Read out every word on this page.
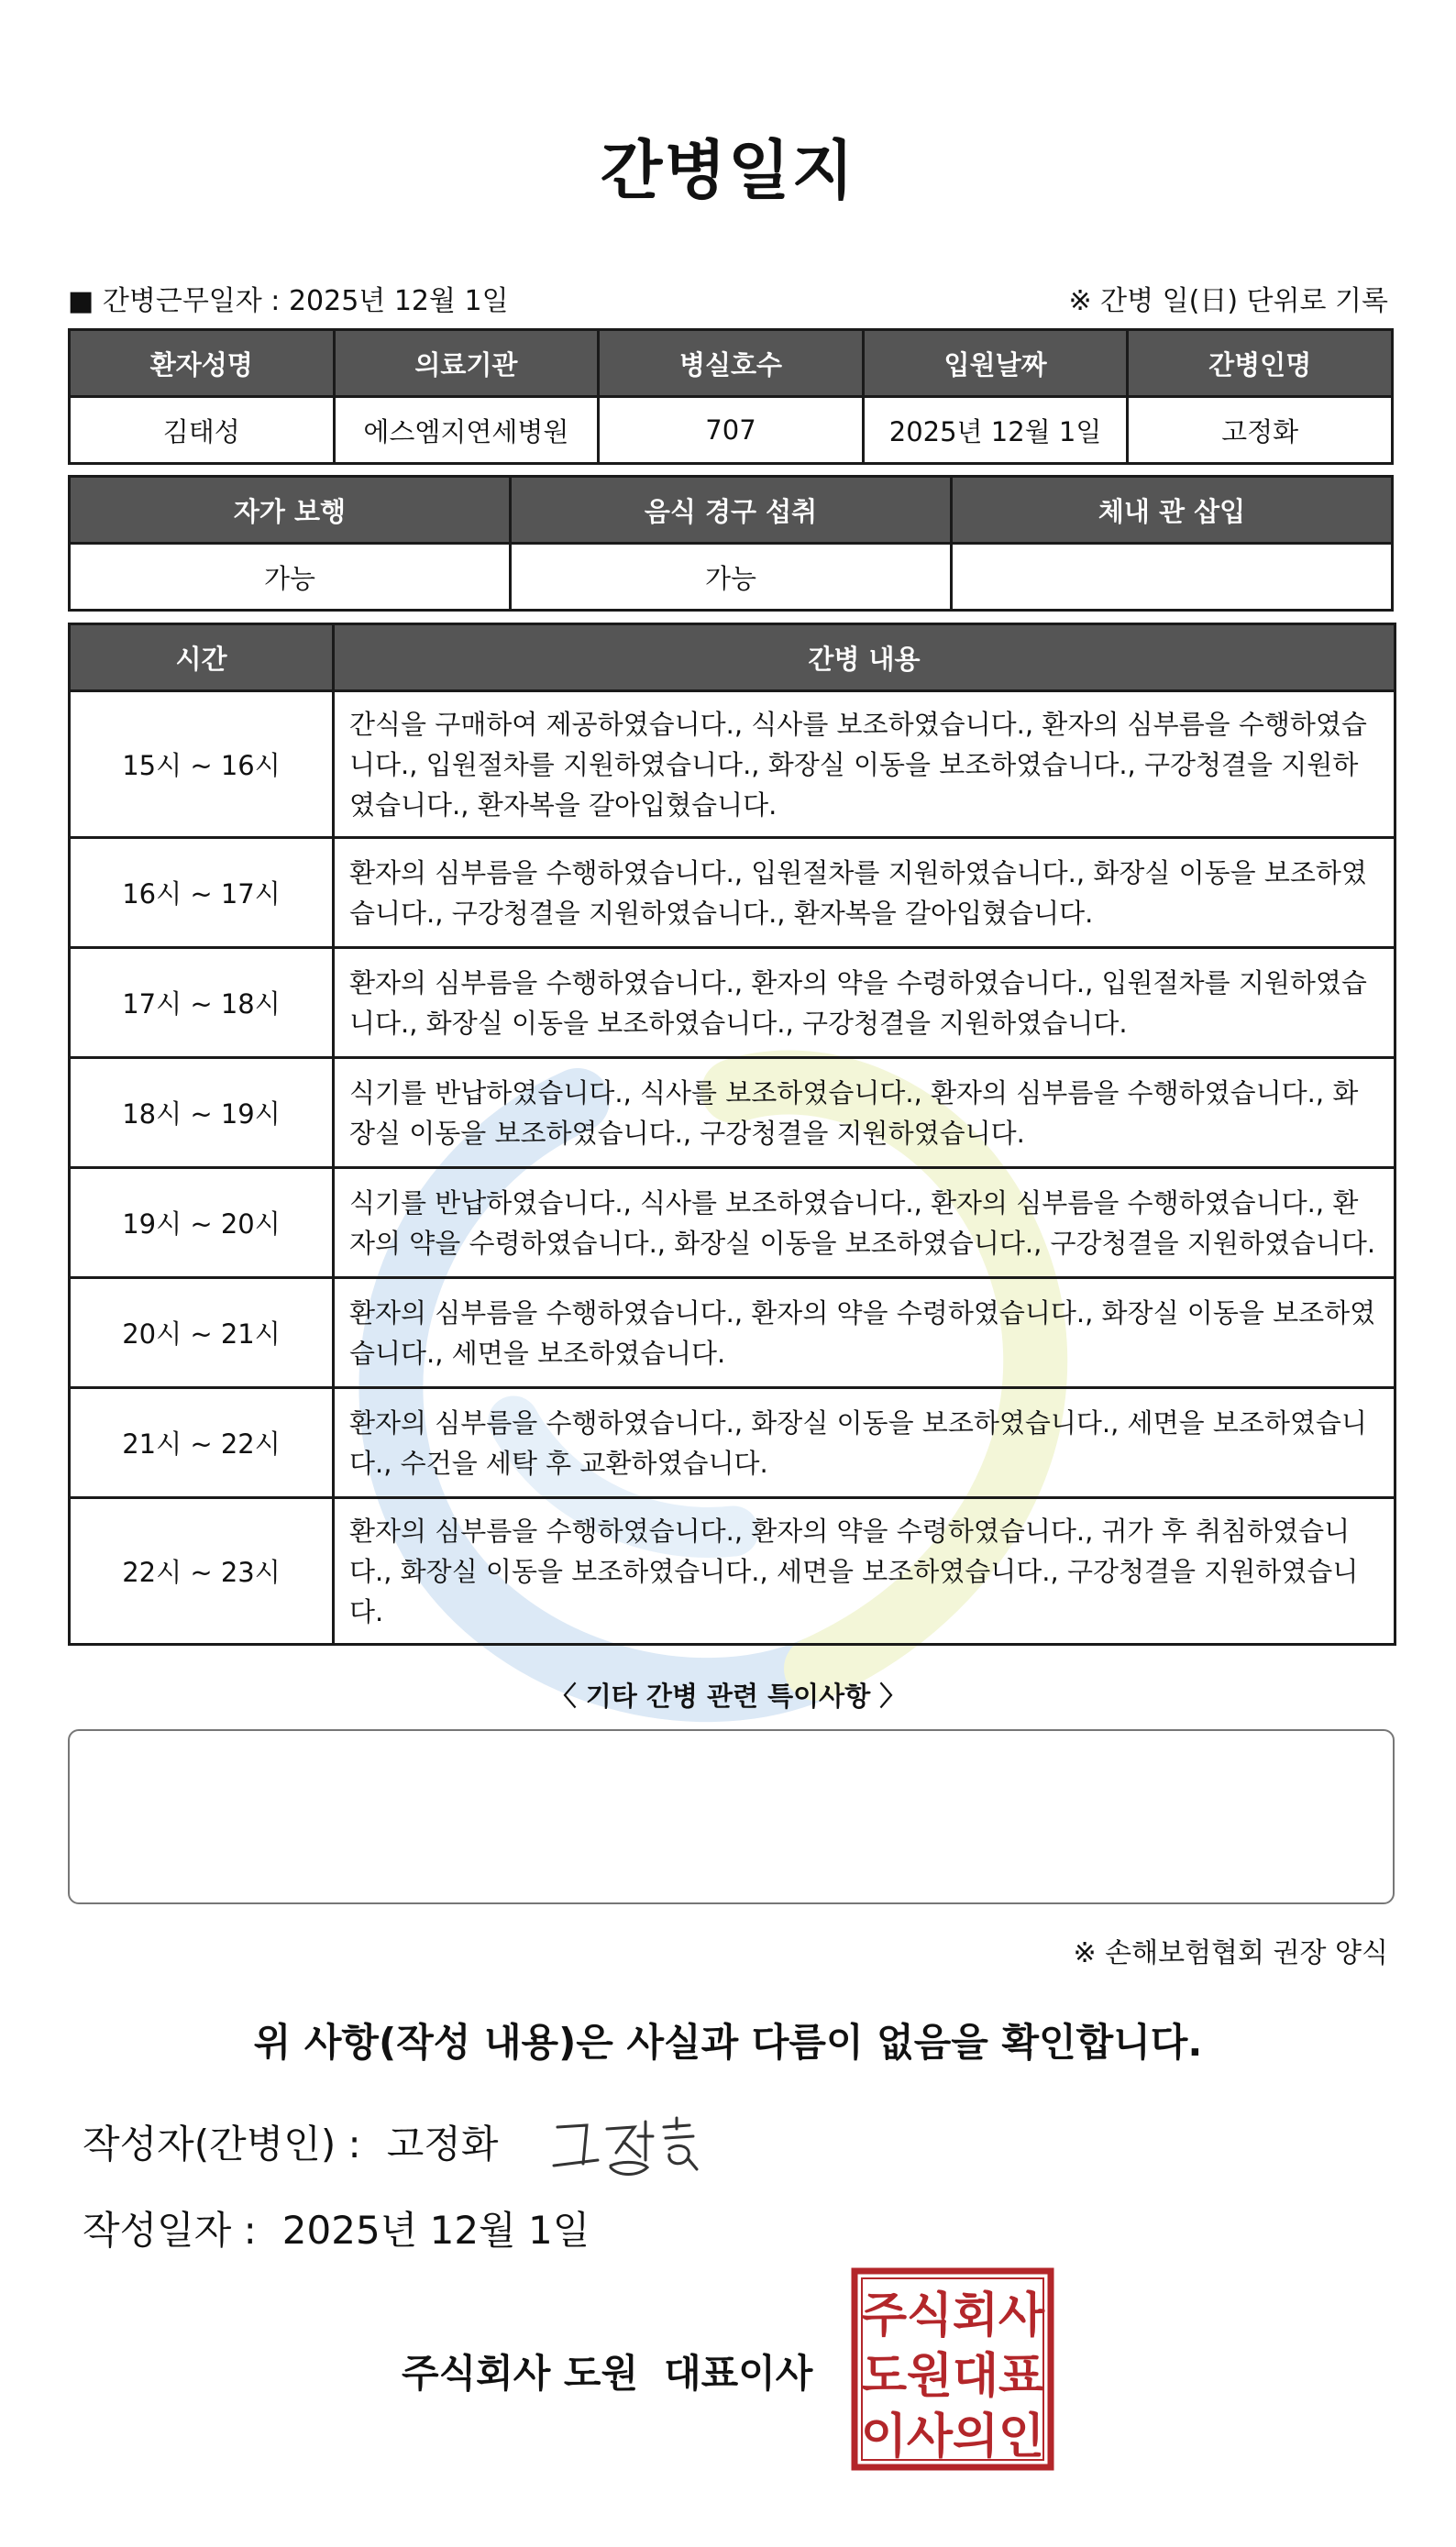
간병일지
■ 간병근무일자 : 2025년 12월 1일	※ 간병 일(日) 단위로 기록
환자성명	의료기관	병실호수	입원날짜	간병인명
김태성	에스엠지연세병원	707	2025년 12월 1일	고정화
자가 보행	음식 경구 섭취	체내 관 삽입
가능	가능	
시간	간병 내용
15시 ~ 16시	간식을 구매하여 제공하였습니다., 식사를 보조하였습니다., 환자의 심부름을 수행하였습니다., 입원절차를 지원하였습니다., 화장실 이동을 보조하였습니다., 구강청결을 지원하였습니다., 환자복을 갈아입혔습니다.
16시 ~ 17시	환자의 심부름을 수행하였습니다., 입원절차를 지원하였습니다., 화장실 이동을 보조하였습니다., 구강청결을 지원하였습니다., 환자복을 갈아입혔습니다.
17시 ~ 18시	환자의 심부름을 수행하였습니다., 환자의 약을 수령하였습니다., 입원절차를 지원하였습니다., 화장실 이동을 보조하였습니다., 구강청결을 지원하였습니다.
18시 ~ 19시	식기를 반납하였습니다., 식사를 보조하였습니다., 환자의 심부름을 수행하였습니다., 화장실 이동을 보조하였습니다., 구강청결을 지원하였습니다.
19시 ~ 20시	식기를 반납하였습니다., 식사를 보조하였습니다., 환자의 심부름을 수행하였습니다., 환자의 약을 수령하였습니다., 화장실 이동을 보조하였습니다., 구강청결을 지원하였습니다.
20시 ~ 21시	환자의 심부름을 수행하였습니다., 환자의 약을 수령하였습니다., 화장실 이동을 보조하였습니다., 세면을 보조하였습니다.
21시 ~ 22시	환자의 심부름을 수행하였습니다., 화장실 이동을 보조하였습니다., 세면을 보조하였습니다., 수건을 세탁 후 교환하였습니다.
22시 ~ 23시	환자의 심부름을 수행하였습니다., 환자의 약을 수령하였습니다., 귀가 후 취침하였습니다., 화장실 이동을 보조하였습니다., 세면을 보조하였습니다., 구강청결을 지원하였습니다.
〈 기타 간병 관련 특이사항 〉
※ 손해보험협회 권장 양식
위 사항(작성 내용)은 사실과 다름이 없음을 확인합니다.
작성자(간병인) : 고정화
작성일자 : 2025년 12월 1일
주식회사 도원 대표이사
주 식 회 사
도 원 대 표
이 사 의 인
